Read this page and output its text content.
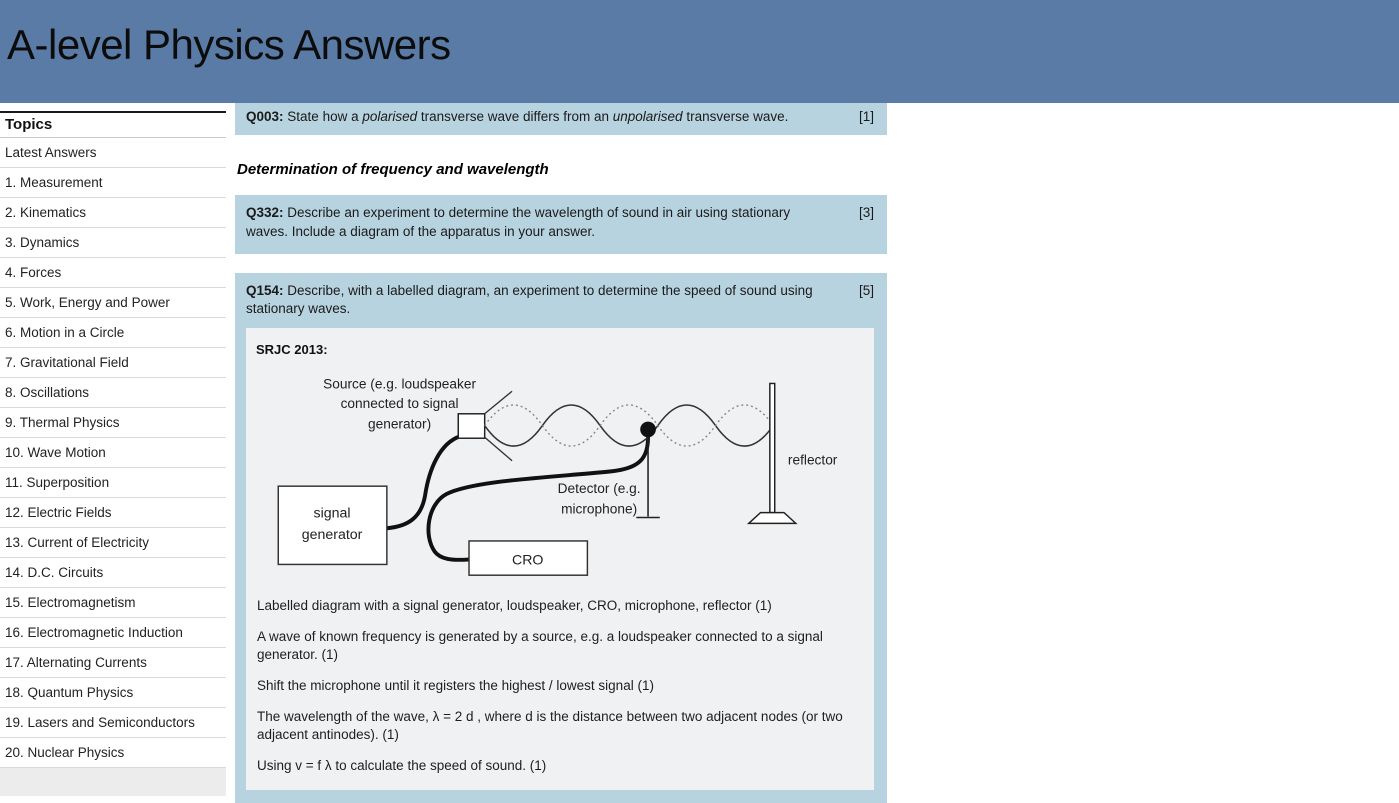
A-level Physics Answers
Topics
Latest Answers
1. Measurement
2. Kinematics
3. Dynamics
4. Forces
5. Work, Energy and Power
6. Motion in a Circle
7. Gravitational Field
8. Oscillations
9. Thermal Physics
10. Wave Motion
11. Superposition
12. Electric Fields
13. Current of Electricity
14. D.C. Circuits
15. Electromagnetism
16. Electromagnetic Induction
17. Alternating Currents
18. Quantum Physics
19. Lasers and Semiconductors
20. Nuclear Physics

Q003: State how a polarised transverse wave differs from an unpolarised transverse wave.	[1]
Determination of frequency and wavelength

Q332: Describe an experiment to determine the wavelength of sound in air using stationary waves. Include a diagram of the apparatus in your answer.

[3]

Q154: Describe, with a labelled diagram, an experiment to determine the speed of sound using stationary waves.

[5]

SRJC 2013:

Source (e.g. loudspeaker
connected to signal
generator)
Detector (e.g.
microphone)
reflector
signal
generator
CRO

Labelled diagram with a signal generator, loudspeaker, CRO, microphone, reflector (1)

A wave of known frequency is generated by a source, e.g. a loudspeaker connected to a signal generator. (1)

Shift the microphone until it registers the highest / lowest signal (1)

The wavelength of the wave, λ = 2 d , where d is the distance between two adjacent nodes (or two adjacent antinodes). (1)

Using v = f λ to calculate the speed of sound. (1)
